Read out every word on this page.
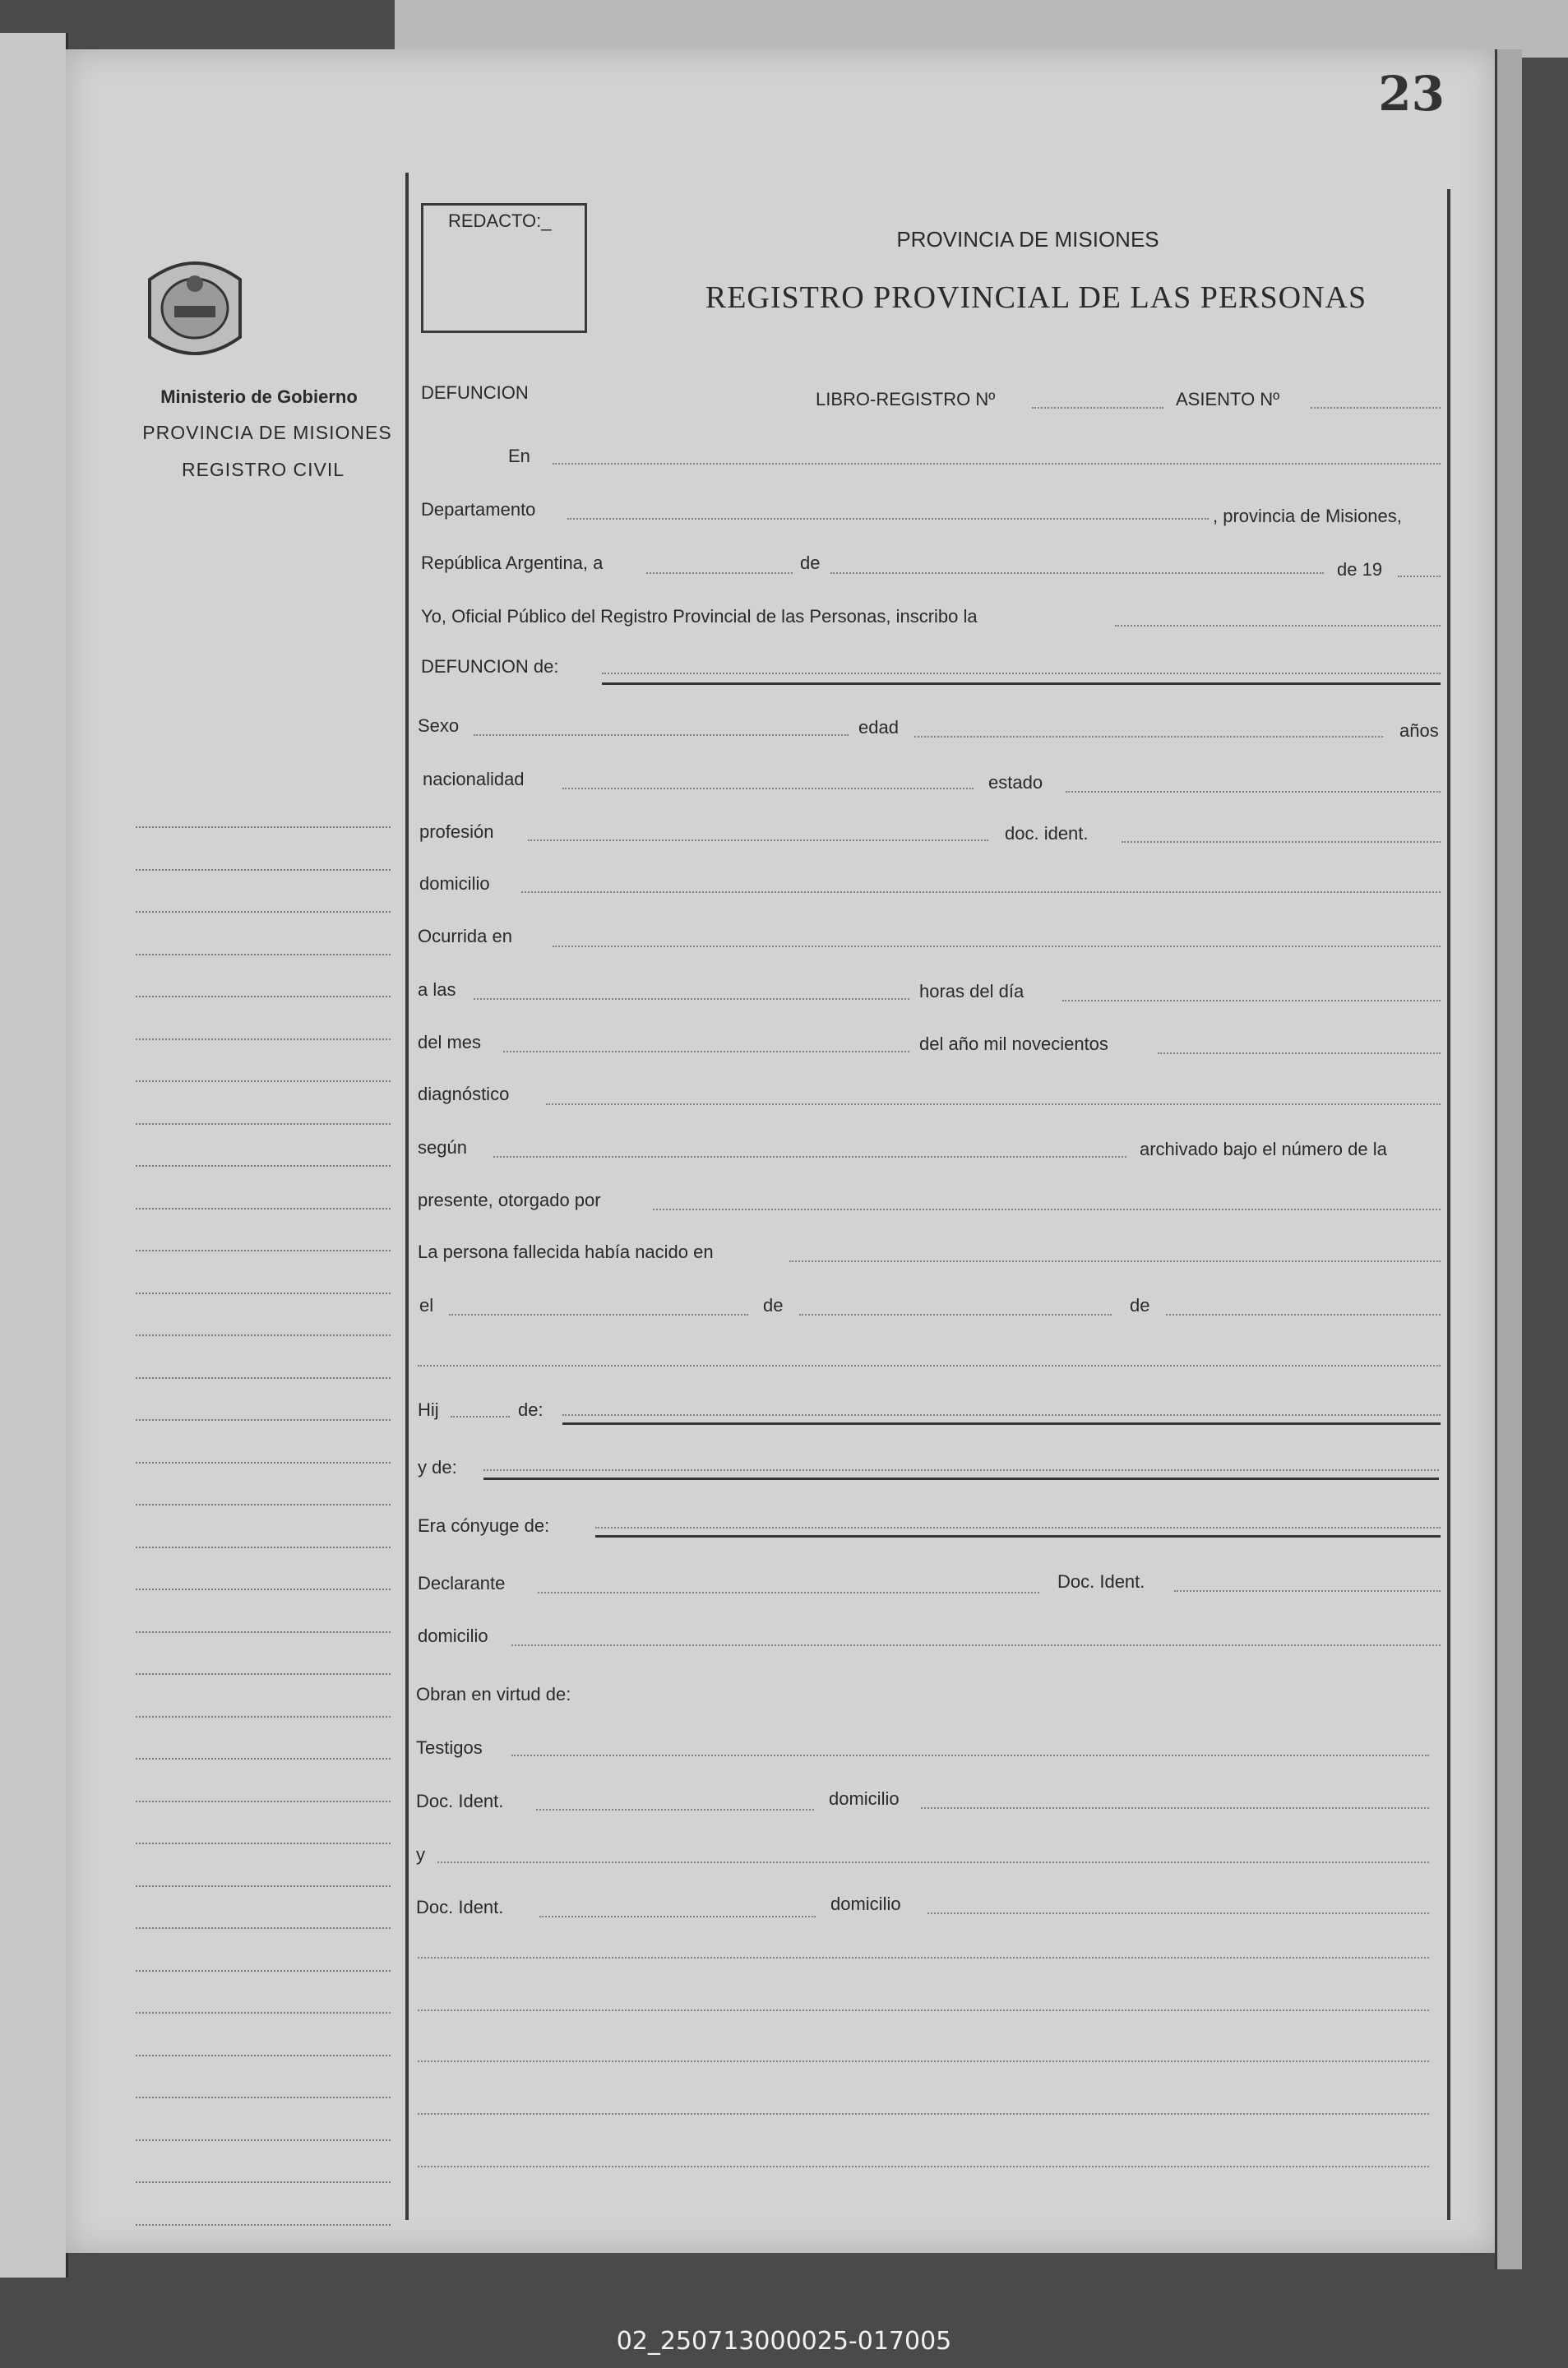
23
Ministerio de Gobierno
PROVINCIA DE MISIONES
REGISTRO CIVIL
REDACTO:_
PROVINCIA DE MISIONES
REGISTRO PROVINCIAL DE LAS PERSONAS
DEFUNCION	LIBRO-REGISTRO Nº	ASIENTO Nº
En
Departamento	, provincia de Misiones,
República Argentina, a	de	de 19
Yo, Oficial Público del Registro Provincial de las Personas, inscribo la
DEFUNCION de:
Sexo	edad	años
nacionalidad	estado
profesión	doc. ident.
domicilio
Ocurrida en
a las	horas del día
del mes	del año mil novecientos
diagnóstico
según	archivado bajo el número de la
presente, otorgado por
La persona fallecida había nacido en
el	de	de
Hij	de:
y de:
Era cónyuge de:
Declarante	Doc. Ident.
domicilio
Obran en virtud de:
Testigos
Doc. Ident.	domicilio
y
Doc. Ident.	domicilio
02_250713000025-017005
